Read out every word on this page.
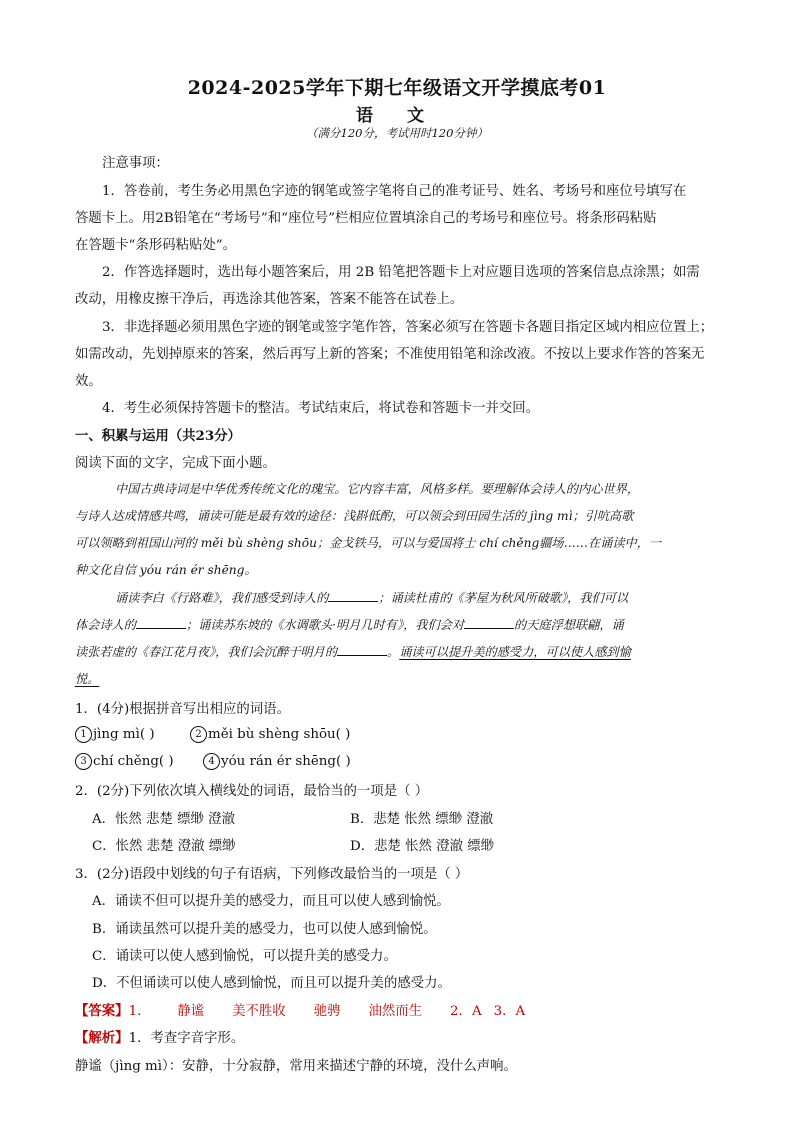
2024-2025学年下期七年级语文开学摸底考01
语 文
（满分120分，考试用时120分钟）
注意事项：
1．答卷前，考生务必用黑色字迹的钢笔或签字笔将自己的准考证号、姓名、考场号和座位号填写在
答题卡上。用2B铅笔在“考场号”和“座位号”栏相应位置填涂自己的考场号和座位号。将条形码粘贴
在答题卡“条形码粘贴处”。
2．作答选择题时，选出每小题答案后，用 2B 铅笔把答题卡上对应题目选项的答案信息点涂黑；如需
改动，用橡皮擦干净后，再选涂其他答案，答案不能答在试卷上。
3．非选择题必须用黑色字迹的钢笔或签字笔作答，答案必须写在答题卡各题目指定区域内相应位置上；
如需改动，先划掉原来的答案，然后再写上新的答案；不准使用铅笔和涂改液。不按以上要求作答的答案无
效。
4．考生必须保持答题卡的整洁。考试结束后，将试卷和答题卡一并交回。
一、积累与运用（共23分）
阅读下面的文字，完成下面小题。
中国古典诗词是中华优秀传统文化的瑰宝。它内容丰富，风格多样。要理解体会诗人的内心世界，
与诗人达成情感共鸣，诵读可能是最有效的途径：浅斟低酌，可以领会到田园生活的 jìng mì；引吭高歌
可以领略到祖国山河的 měi bù shèng shōu；金戈铁马，可以与爱国将士 chí chěng疆场……在诵读中，一
种文化自信 yóu rán ér shēng。
诵读李白《行路难》，我们感受到诗人的	；诵读杜甫的《茅屋为秋风所破歌》，我们可以
体会诗人的	；诵读苏东坡的《水调歌头·明月几时有》，我们会对	的天庭浮想联翩，诵
读张若虚的《春江花月夜》，我们会沉醉于明月的	。诵读可以提升美的感受力，可以使人感到愉
悦。
1．(4分)根据拼音写出相应的词语。
1 jìng mì( )	2 měi bù shèng shōu( )
3 chí chěng( )	4 yóu rán ér shēng( )
2．(2分)下列依次填入横线处的词语，最恰当的一项是（ ）
A．怅然 悲楚 缥缈 澄澈	B．悲楚 怅然 缥缈 澄澈
C．怅然 悲楚 澄澈 缥缈	D．悲楚 怅然 澄澈 缥缈
3．(2分)语段中划线的句子有语病，下列修改最恰当的一项是（ ）
A．诵读不但可以提升美的感受力，而且可以使人感到愉悦。
B．诵读虽然可以提升美的感受力，也可以使人感到愉悦。
C．诵读可以使人感到愉悦，可以提升美的感受力。
D．不但诵读可以使人感到愉悦，而且可以提升美的感受力。
【答案】1.	静谧 美不胜收 驰骋 油然而生 2．A 3．A
【解析】1．考查字音字形。
静谧（jìng mì）：安静，十分寂静，常用来描述宁静的环境，没什么声响。
